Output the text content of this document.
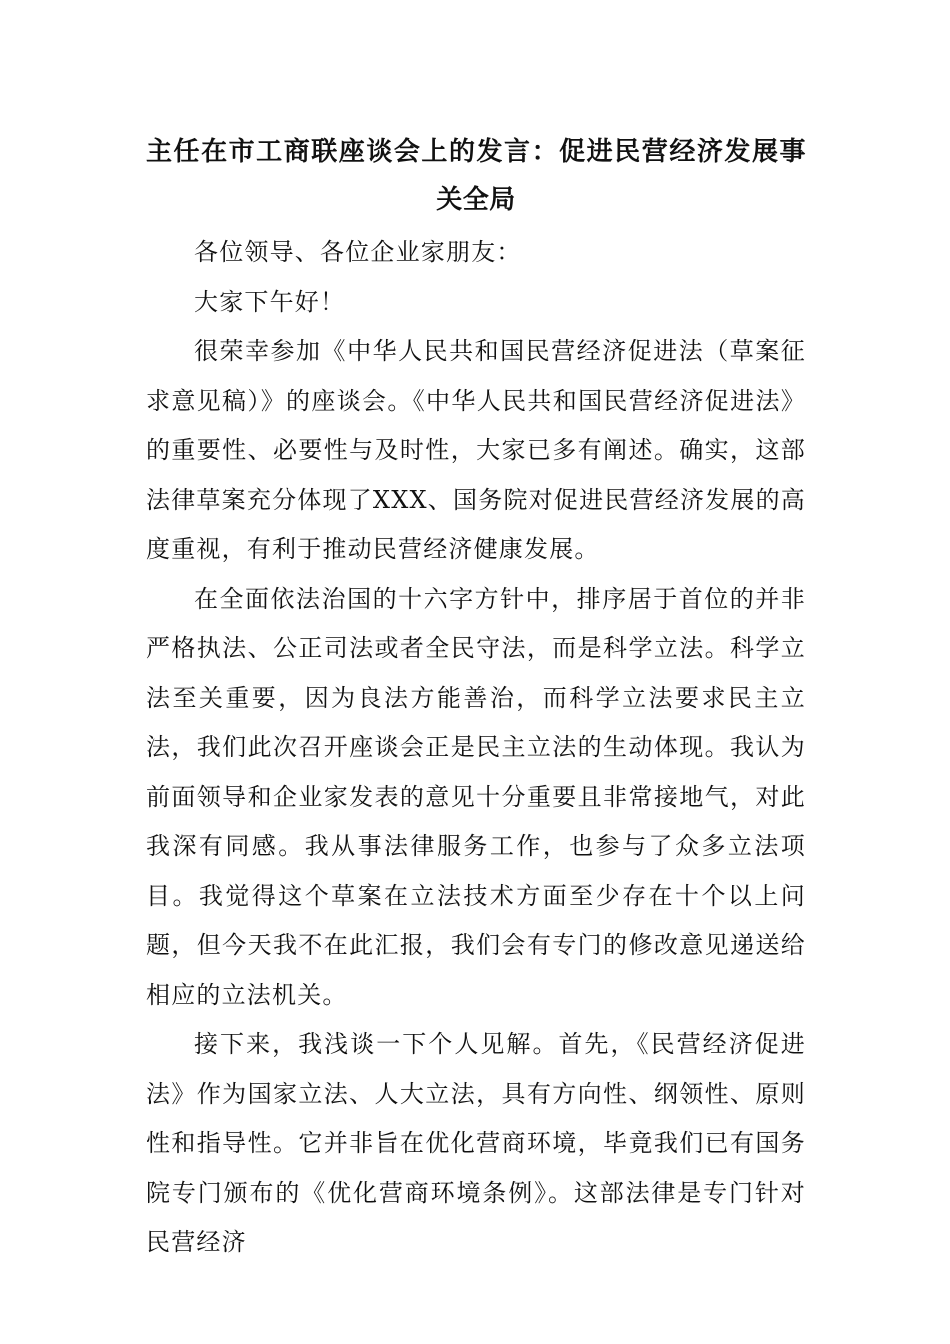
主任在市工商联座谈会上的发言：促进民营经济发展事关全局

各位领导、各位企业家朋友：

大家下午好！

很荣幸参加《中华人民共和国民营经济促进法（草案征求意见稿）》的座谈会。《中华人民共和国民营经济促进法》的重要性、必要性与及时性，大家已多有阐述。确实，这部法律草案充分体现了XXX、国务院对促进民营经济发展的高度重视，有利于推动民营经济健康发展。

在全面依法治国的十六字方针中，排序居于首位的并非严格执法、公正司法或者全民守法，而是科学立法。科学立法至关重要，因为良法方能善治，而科学立法要求民主立法，我们此次召开座谈会正是民主立法的生动体现。我认为前面领导和企业家发表的意见十分重要且非常接地气，对此我深有同感。我从事法律服务工作，也参与了众多立法项目。我觉得这个草案在立法技术方面至少存在十个以上问题，但今天我不在此汇报，我们会有专门的修改意见递送给相应的立法机关。

接下来，我浅谈一下个人见解。首先，《民营经济促进法》作为国家立法、人大立法，具有方向性、纲领性、原则性和指导性。它并非旨在优化营商环境，毕竟我们已有国务院专门颁布的《优化营商环境条例》。这部法律是专门针对民营经济
